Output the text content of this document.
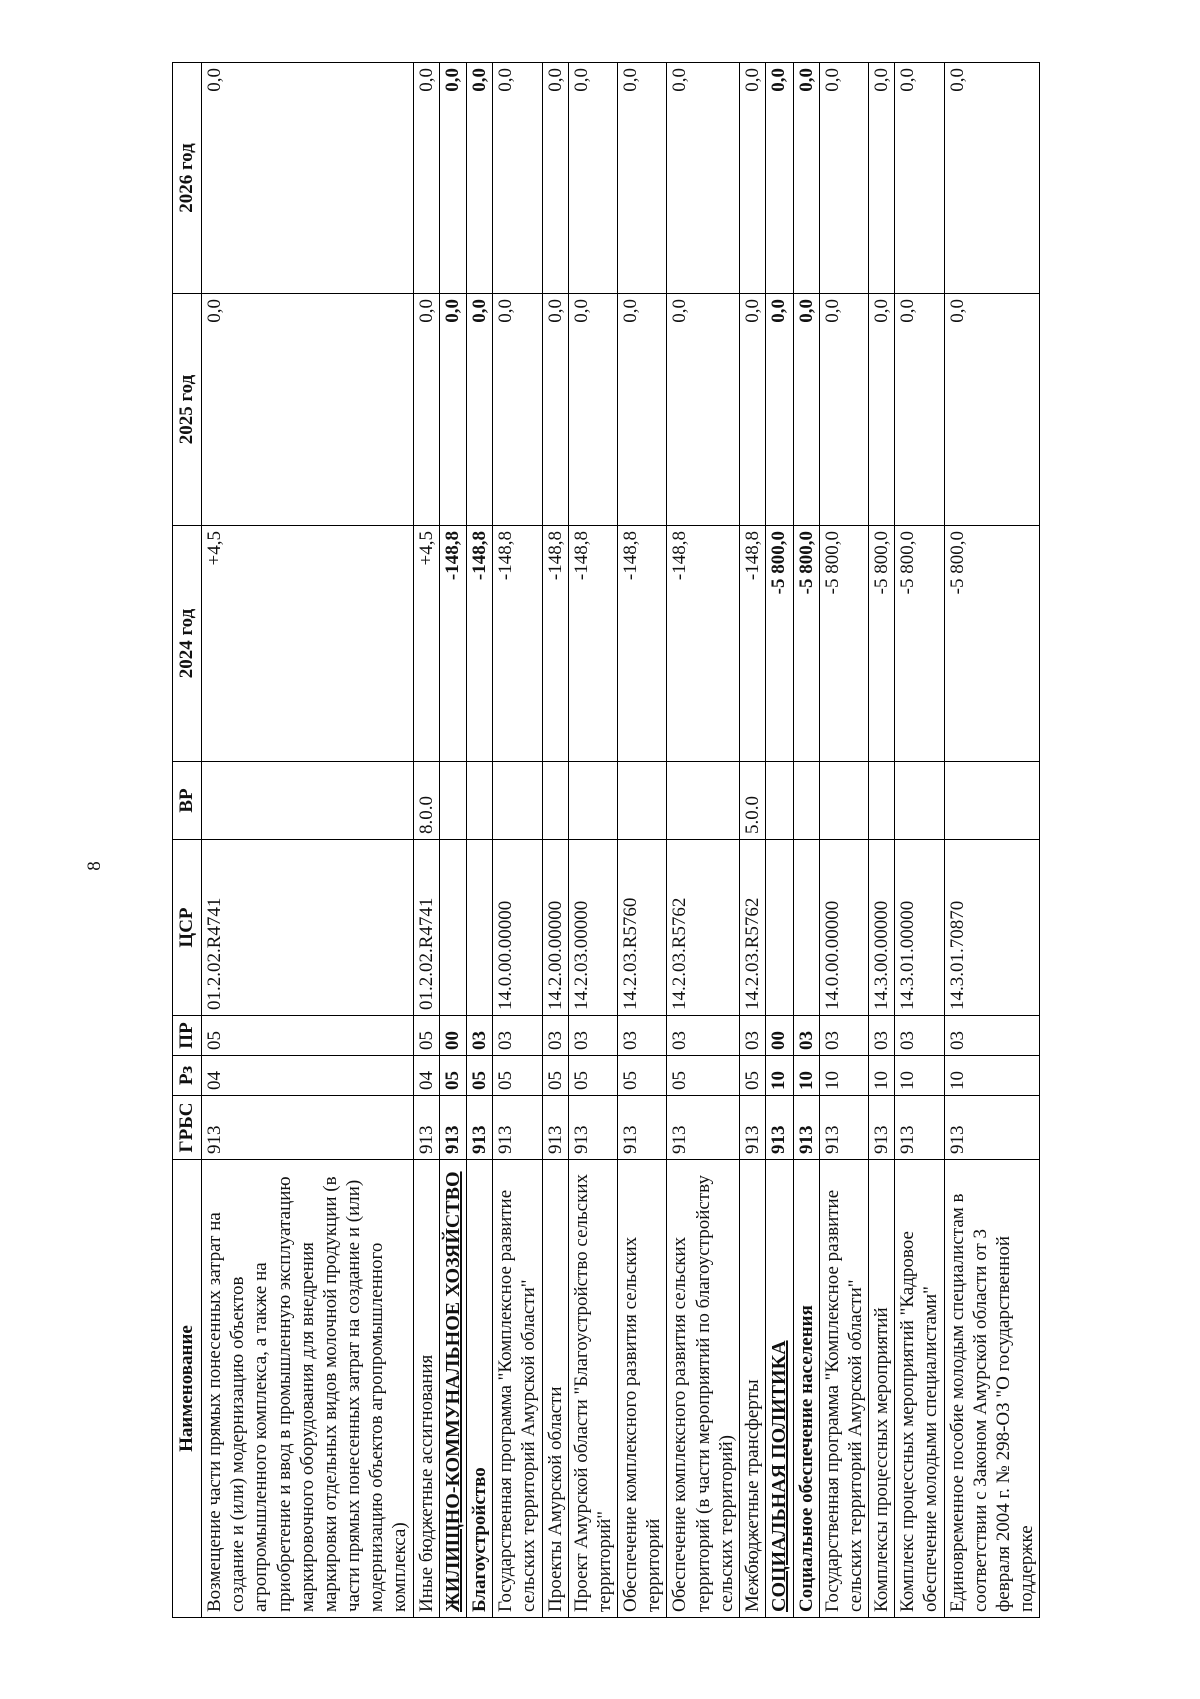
8
Наименование	ГРБС	Рз	ПР	ЦСР	ВР	2024 год	2025 год	2026 год
Возмещение части прямых понесенных затрат на создание и (или) модернизацию объектов агропромышленного комплекса, а также на приобретение и ввод в промышленную эксплуатацию маркировочного оборудования для внедрения маркировки отдельных видов молочной продукции (в части прямых понесенных затрат на создание и (или) модернизацию объектов агропромышленного комплекса)	913	04	05	01.2.02.R4741		+4,5	0,0	0,0
Иные бюджетные ассигнования	913	04	05	01.2.02.R4741	8.0.0	+4,5	0,0	0,0
ЖИЛИЩНО-КОММУНАЛЬНОЕ ХОЗЯЙСТВО	913	05	00			-148,8	0,0	0,0
Благоустройство	913	05	03			-148,8	0,0	0,0
Государственная программа "Комплексное развитие сельских территорий Амурской области"	913	05	03	14.0.00.00000		-148,8	0,0	0,0
Проекты Амурской области	913	05	03	14.2.00.00000		-148,8	0,0	0,0
Проект Амурской области "Благоустройство сельских территорий"	913	05	03	14.2.03.00000		-148,8	0,0	0,0
Обеспечение комплексного развития сельских территорий	913	05	03	14.2.03.R5760		-148,8	0,0	0,0
Обеспечение комплексного развития сельских территорий (в части мероприятий по благоустройству сельских территорий)	913	05	03	14.2.03.R5762		-148,8	0,0	0,0
Межбюджетные трансферты	913	05	03	14.2.03.R5762	5.0.0	-148,8	0,0	0,0
СОЦИАЛЬНАЯ ПОЛИТИКА	913	10	00			-5 800,0	0,0	0,0
Социальное обеспечение населения	913	10	03			-5 800,0	0,0	0,0
Государственная программа "Комплексное развитие сельских территорий Амурской области"	913	10	03	14.0.00.00000		-5 800,0	0,0	0,0
Комплексы процессных мероприятий	913	10	03	14.3.00.00000		-5 800,0	0,0	0,0
Комплекс процессных мероприятий "Кадровое обеспечение молодыми специалистами"	913	10	03	14.3.01.00000		-5 800,0	0,0	0,0
Единовременное пособие молодым специалистам в соответствии с Законом Амурской области от 3 февраля 2004 г. № 298-ОЗ "О государственной поддержке	913	10	03	14.3.01.70870		-5 800,0	0,0	0,0
